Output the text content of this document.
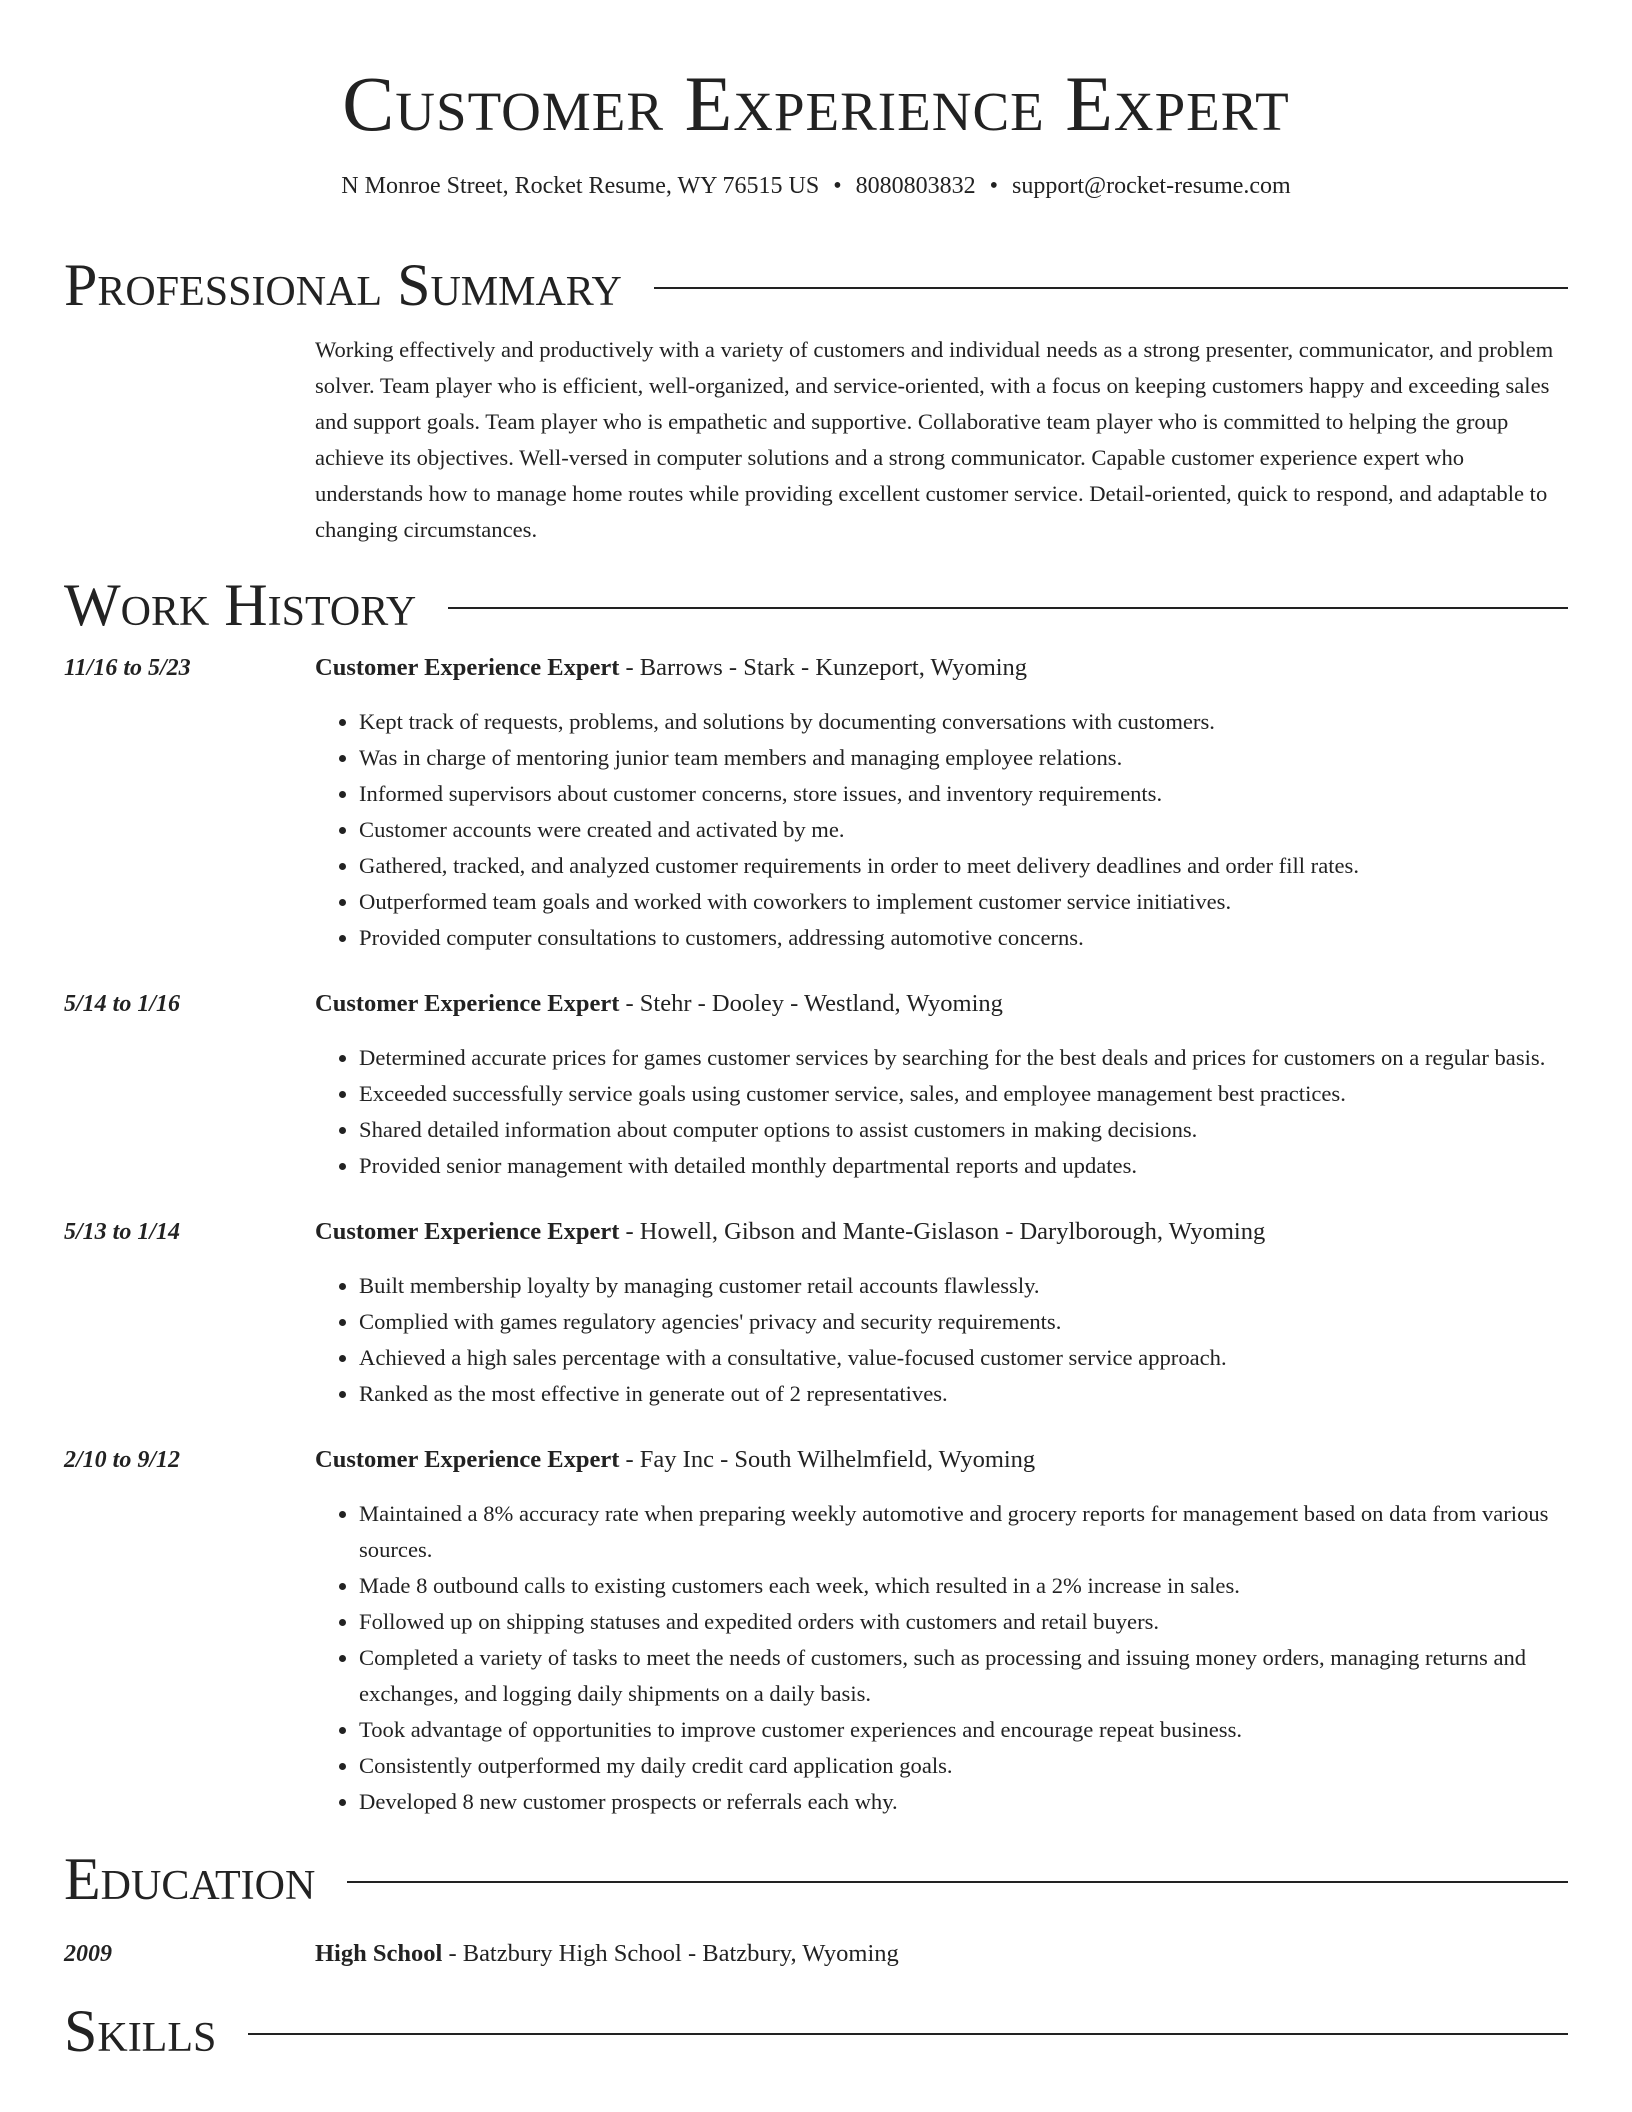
Customer Experience Expert
N Monroe Street, Rocket Resume, WY 76515 US • 8080803832 • support@rocket-resume.com
Professional Summary
Working effectively and productively with a variety of customers and individual needs as a strong presenter, communicator, and problem solver. Team player who is efficient, well-organized, and service-oriented, with a focus on keeping customers happy and exceeding sales and support goals. Team player who is empathetic and supportive. Collaborative team player who is committed to helping the group achieve its objectives. Well-versed in computer solutions and a strong communicator. Capable customer experience expert who understands how to manage home routes while providing excellent customer service. Detail-oriented, quick to respond, and adaptable to changing circumstances.
Work History
11/16 to 5/23	Customer Experience Expert - Barrows - Stark - Kunzeport, Wyoming
• Kept track of requests, problems, and solutions by documenting conversations with customers.
• Was in charge of mentoring junior team members and managing employee relations.
• Informed supervisors about customer concerns, store issues, and inventory requirements.
• Customer accounts were created and activated by me.
• Gathered, tracked, and analyzed customer requirements in order to meet delivery deadlines and order fill rates.
• Outperformed team goals and worked with coworkers to implement customer service initiatives.
• Provided computer consultations to customers, addressing automotive concerns.
5/14 to 1/16	Customer Experience Expert - Stehr - Dooley - Westland, Wyoming
• Determined accurate prices for games customer services by searching for the best deals and prices for customers on a regular basis.
• Exceeded successfully service goals using customer service, sales, and employee management best practices.
• Shared detailed information about computer options to assist customers in making decisions.
• Provided senior management with detailed monthly departmental reports and updates.
5/13 to 1/14	Customer Experience Expert - Howell, Gibson and Mante-Gislason - Darylborough, Wyoming
• Built membership loyalty by managing customer retail accounts flawlessly.
• Complied with games regulatory agencies' privacy and security requirements.
• Achieved a high sales percentage with a consultative, value-focused customer service approach.
• Ranked as the most effective in generate out of 2 representatives.
2/10 to 9/12	Customer Experience Expert - Fay Inc - South Wilhelmfield, Wyoming
• Maintained a 8% accuracy rate when preparing weekly automotive and grocery reports for management based on data from various sources.
• Made 8 outbound calls to existing customers each week, which resulted in a 2% increase in sales.
• Followed up on shipping statuses and expedited orders with customers and retail buyers.
• Completed a variety of tasks to meet the needs of customers, such as processing and issuing money orders, managing returns and exchanges, and logging daily shipments on a daily basis.
• Took advantage of opportunities to improve customer experiences and encourage repeat business.
• Consistently outperformed my daily credit card application goals.
• Developed 8 new customer prospects or referrals each why.
Education
2009	High School - Batzbury High School - Batzbury, Wyoming
Skills
